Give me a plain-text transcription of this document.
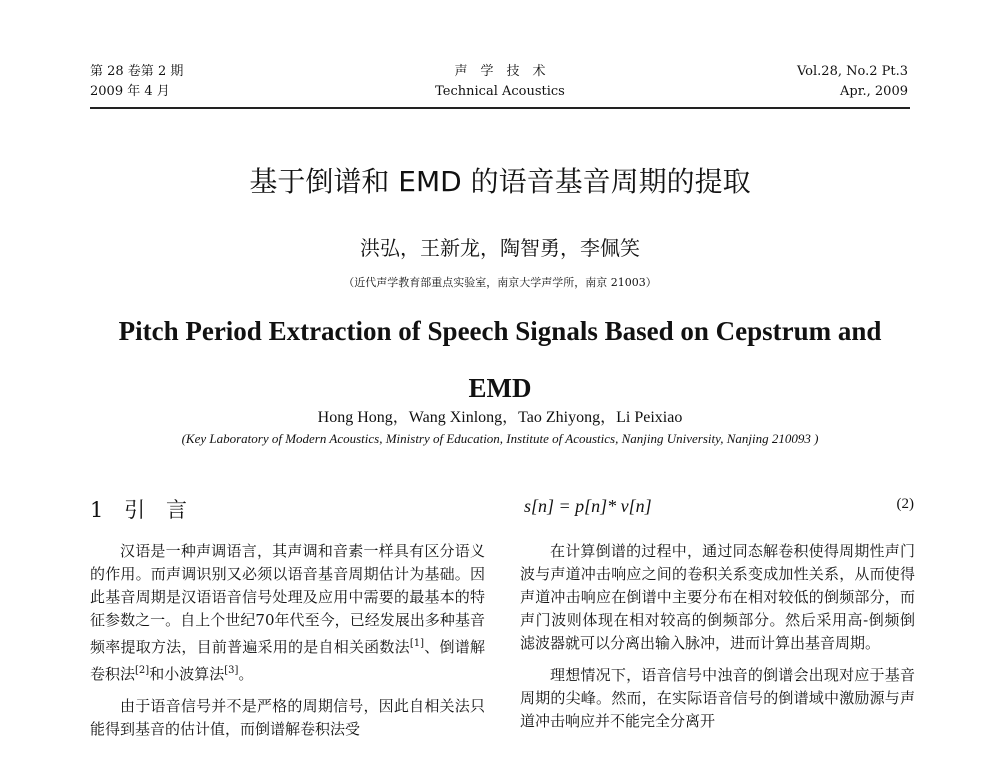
第 28 卷第 2 期
2009 年 4 月
声　学　技　术
Technical Acoustics
Vol.28, No.2 Pt.3
Apr., 2009
基于倒谱和 EMD 的语音基音周期的提取
洪弘，王新龙，陶智勇，李佩笑
（近代声学教育部重点实验室，南京大学声学所，南京 21003）
Pitch Period Extraction of Speech Signals Based on Cepstrum and EMD
Hong Hong，Wang Xinlong，Tao Zhiyong，Li Peixiao
(Key Laboratory of Modern Acoustics, Ministry of Education, Institute of Acoustics, Nanjing University, Nanjing 210093 )
1 引　言

汉语是一种声调语言，其声调和音素一样具有区分语义的作用。而声调识别又必须以语音基音周期估计为基础。因此基音周期是汉语语音信号处理及应用中需要的最基本的特征参数之一。自上个世纪70年代至今，已经发展出多种基音频率提取方法，目前普遍采用的是自相关函数法[1]、倒谱解卷积法[2]和小波算法[3]。

由于语音信号并不是严格的周期信号，因此自相关法只能得到基音的估计值，而倒谱解卷积法受

s[n] = p[n]* v[n]	(2)

在计算倒谱的过程中，通过同态解卷积使得周期性声门波与声道冲击响应之间的卷积关系变成加性关系，从而使得声道冲击响应在倒谱中主要分布在相对较低的倒频部分，而声门波则体现在相对较高的倒频部分。然后采用高-倒频倒滤波器就可以分离出输入脉冲，进而计算出基音周期。

理想情况下，语音信号中浊音的倒谱会出现对应于基音周期的尖峰。然而，在实际语音信号的倒谱域中激励源与声道冲击响应并不能完全分离开
